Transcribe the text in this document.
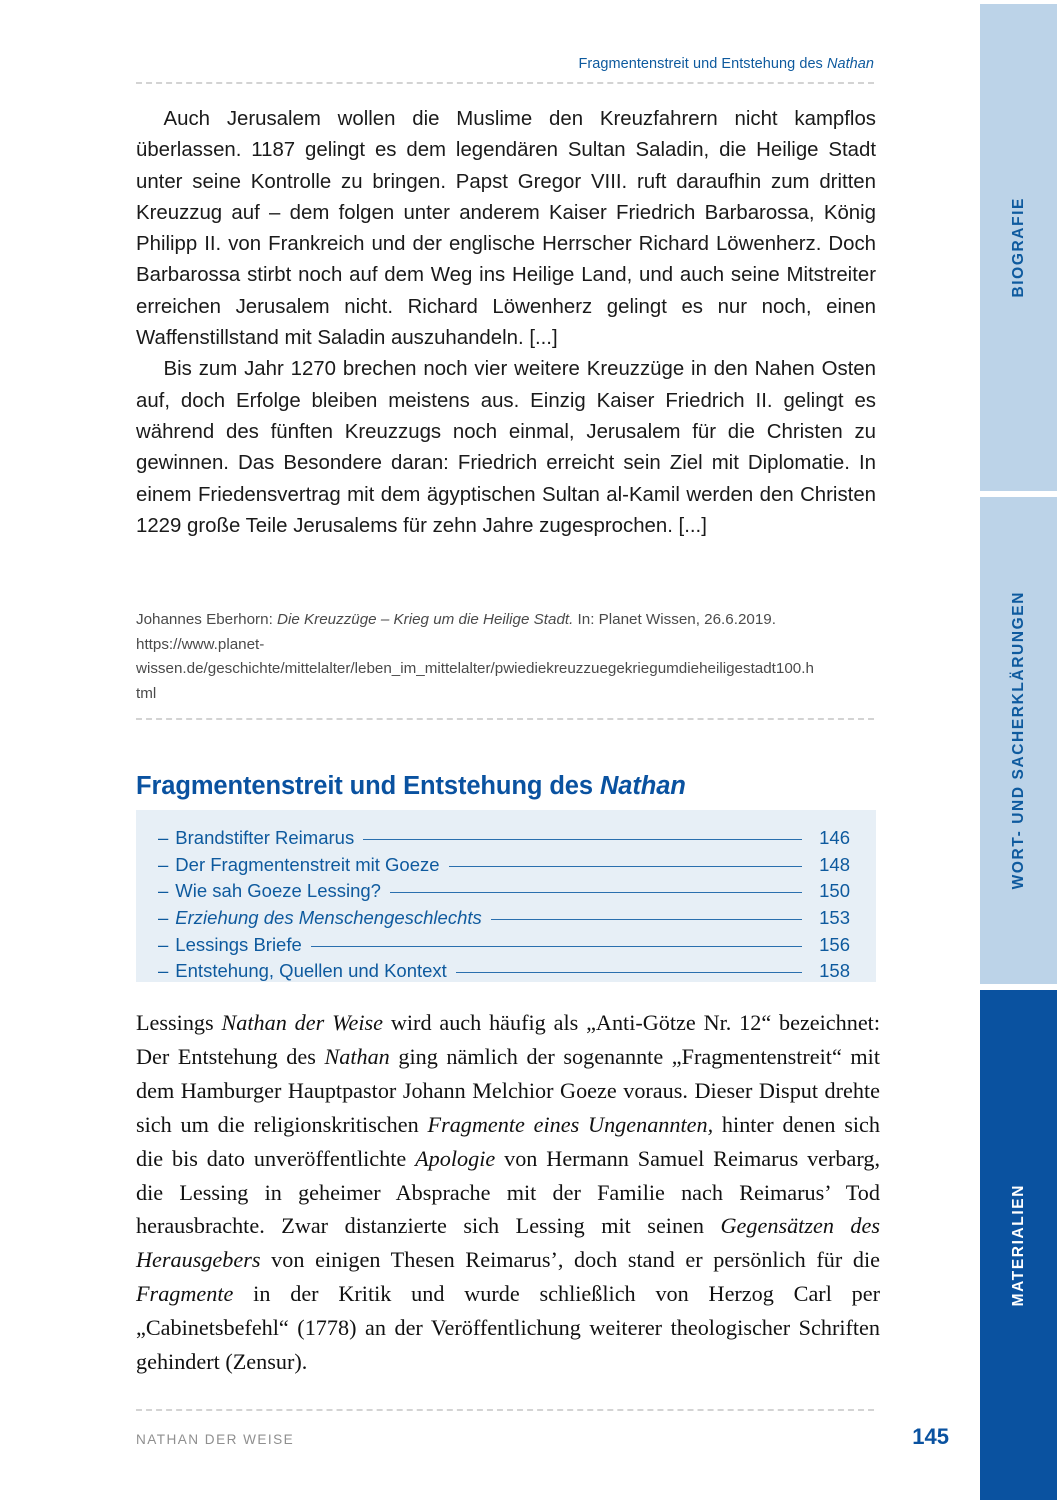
Fragmentenstreit und Entstehung des Nathan

Auch Jerusalem wollen die Muslime den Kreuzfahrern nicht kampflos überlassen. 1187 gelingt es dem legendären Sultan Saladin, die Heilige Stadt unter seine Kontrolle zu bringen. Papst Gregor VIII. ruft daraufhin zum dritten Kreuzzug auf – dem folgen unter anderem Kaiser Friedrich Barbarossa, König Philipp II. von Frankreich und der englische Herrscher Richard Löwenherz. Doch Barbarossa stirbt noch auf dem Weg ins Heilige Land, und auch seine Mitstreiter erreichen Jerusalem nicht. Richard Löwenherz gelingt es nur noch, einen Waffenstillstand mit Saladin auszuhandeln. [...]

Bis zum Jahr 1270 brechen noch vier weitere Kreuzzüge in den Nahen Osten auf, doch Erfolge bleiben meistens aus. Einzig Kaiser Friedrich II. gelingt es während des fünften Kreuzzugs noch einmal, Jerusalem für die Christen zu gewinnen. Das Besondere daran: Friedrich erreicht sein Ziel mit Diplomatie. In einem Friedensvertrag mit dem ägyptischen Sultan al-Kamil werden den Christen 1229 große Teile Jerusalems für zehn Jahre zugesprochen. [...]

Johannes Eberhorn: Die Kreuzzüge – Krieg um die Heilige Stadt. In: Planet Wissen, 26.6.2019. https://www.planet-wissen.de/geschichte/mittelalter/leben_im_mittelalter/pwiediekreuzzuegekriegumdieheiligestadt100.html
Fragmentenstreit und Entstehung des Nathan
– Brandstifter Reimarus	146
– Der Fragmentenstreit mit Goeze	148
– Wie sah Goeze Lessing?	150
– Erziehung des Menschengeschlechts	153
– Lessings Briefe	156
– Entstehung, Quellen und Kontext	158

Lessings Nathan der Weise wird auch häufig als „Anti-Götze Nr. 12“ bezeichnet: Der Entstehung des Nathan ging nämlich der sogenannte „Fragmentenstreit“ mit dem Hamburger Hauptpastor Johann Melchior Goeze voraus. Dieser Disput drehte sich um die religionskritischen Fragmente eines Ungenannten, hinter denen sich die bis dato unveröffentlichte Apologie von Hermann Samuel Reimarus verbarg, die Lessing in geheimer Absprache mit der Familie nach Reimarus’ Tod herausbrachte. Zwar distanzierte sich Lessing mit seinen Gegensätzen des Herausgebers von einigen Thesen Reimarus’, doch stand er persönlich für die Fragmente in der Kritik und wurde schließlich von Herzog Carl per „Cabinetsbefehl“ (1778) an der Veröffentlichung weiterer theologischer Schriften gehindert (Zensur).

NATHAN DER WEISE	145
BIOGRAFIE
WORT- UND SACHERKLÄRUNGEN
MATERIALIEN
